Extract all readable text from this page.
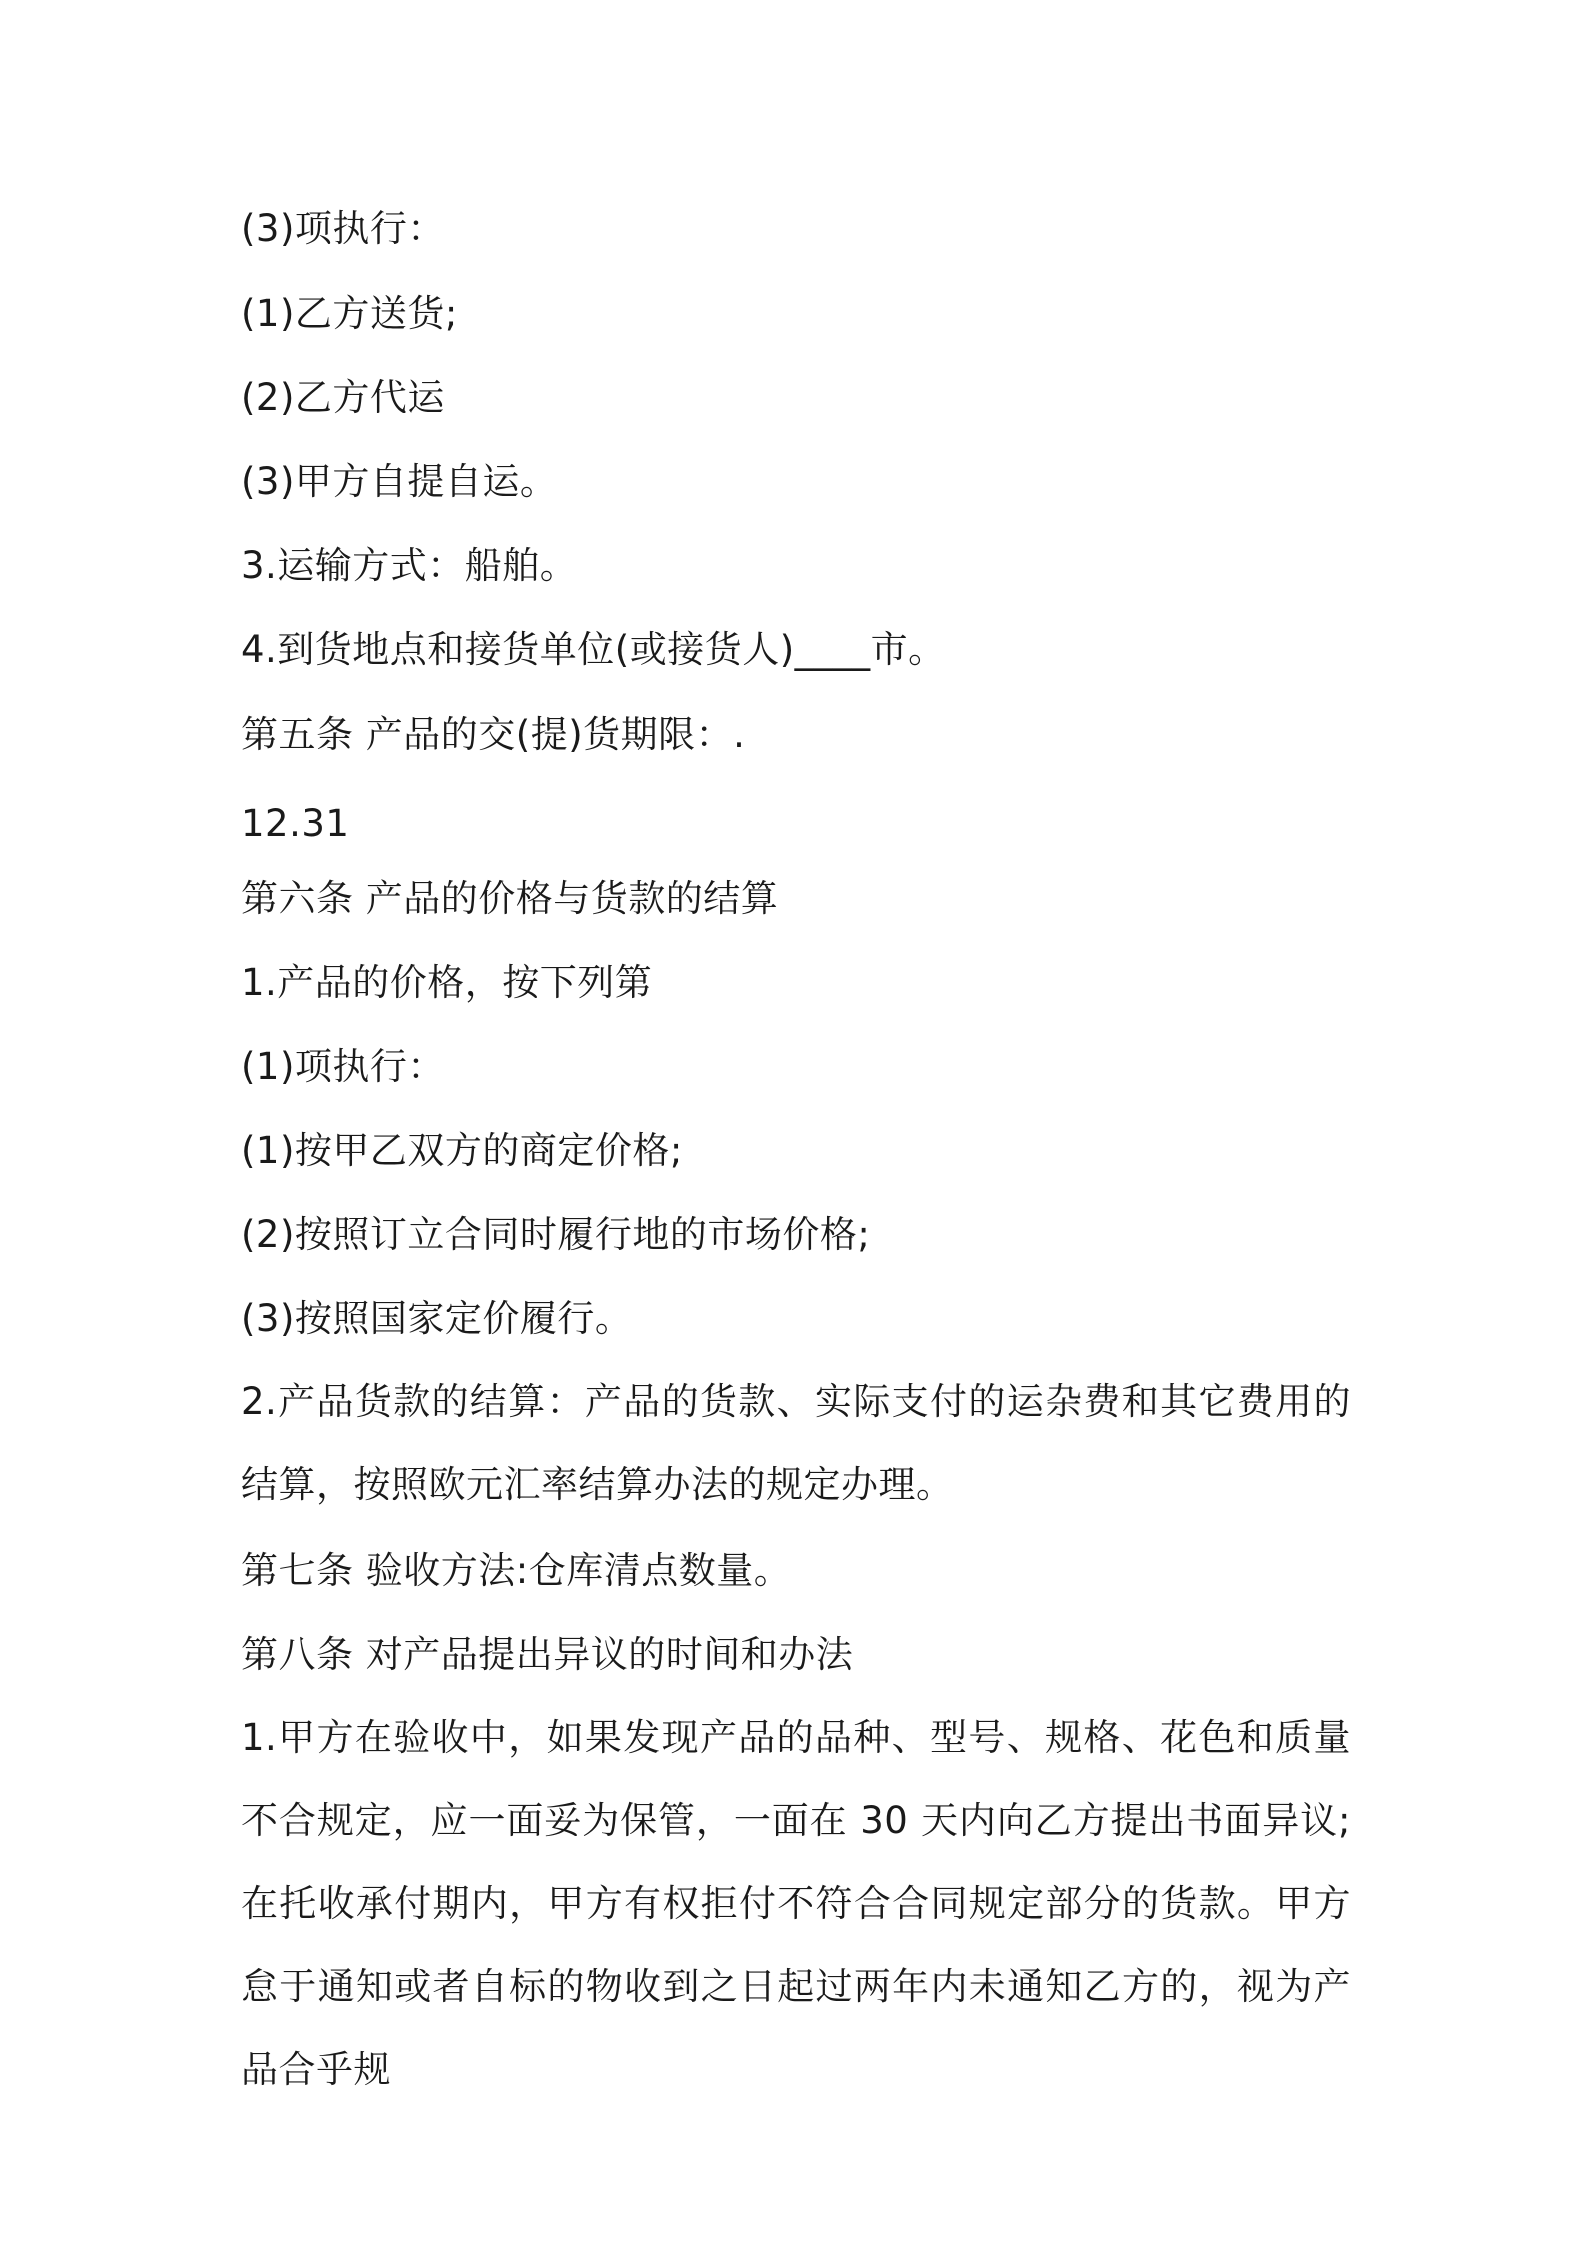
(3)项执行：
(1)乙方送货;
(2)乙方代运
(3)甲方自提自运。
3.运输方式：船舶。
4.到货地点和接货单位(或接货人)____市。
第五条 产品的交(提)货期限：.
12.31
第六条 产品的价格与货款的结算
1.产品的价格，按下列第
(1)项执行：
(1)按甲乙双方的商定价格;
(2)按照订立合同时履行地的市场价格;
(3)按照国家定价履行。
2.产品货款的结算：产品的货款、实际支付的运杂费和其它费用的结算，按照欧元汇率结算办法的规定办理。
第七条 验收方法:仓库清点数量。
第八条 对产品提出异议的时间和办法
1.甲方在验收中，如果发现产品的品种、型号、规格、花色和质量不合规定，应一面妥为保管，一面在 30 天内向乙方提出书面异议;在托收承付期内，甲方有权拒付不符合合同规定部分的货款。甲方怠于通知或者自标的物收到之日起过两年内未通知乙方的，视为产品合乎规
